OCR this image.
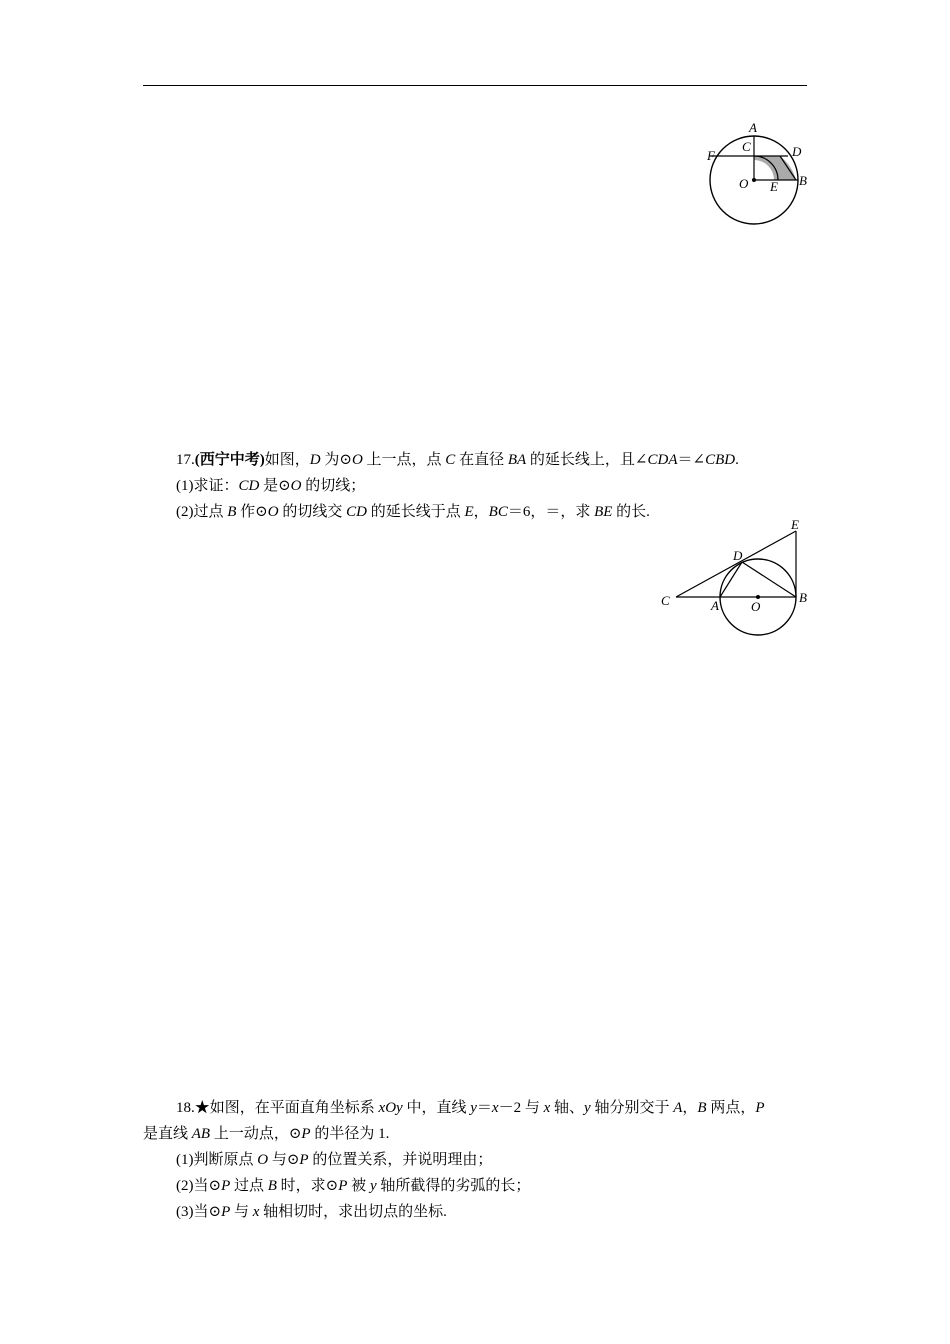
A
C	D
F
O E B
17.(西宁中考)如图，D 为⊙O 上一点，点 C 在直径 BA 的延长线上，且∠CDA＝∠CBD.
(1)求证：CD 是⊙O 的切线；
(2)过点 B 作⊙O 的切线交 CD 的延长线于点 E，BC＝6，＝，求 BE 的长.
E
D
C	A O
B
18.★如图，在平面直角坐标系 xOy 中，直线 y＝x－2 与 x 轴、y 轴分别交于 A，B 两点，P
是直线 AB 上一动点，⊙P 的半径为 1.
(1)判断原点 O 与⊙P 的位置关系，并说明理由；
(2)当⊙P 过点 B 时，求⊙P 被 y 轴所截得的劣弧的长；
(3)当⊙P 与 x 轴相切时，求出切点的坐标.
